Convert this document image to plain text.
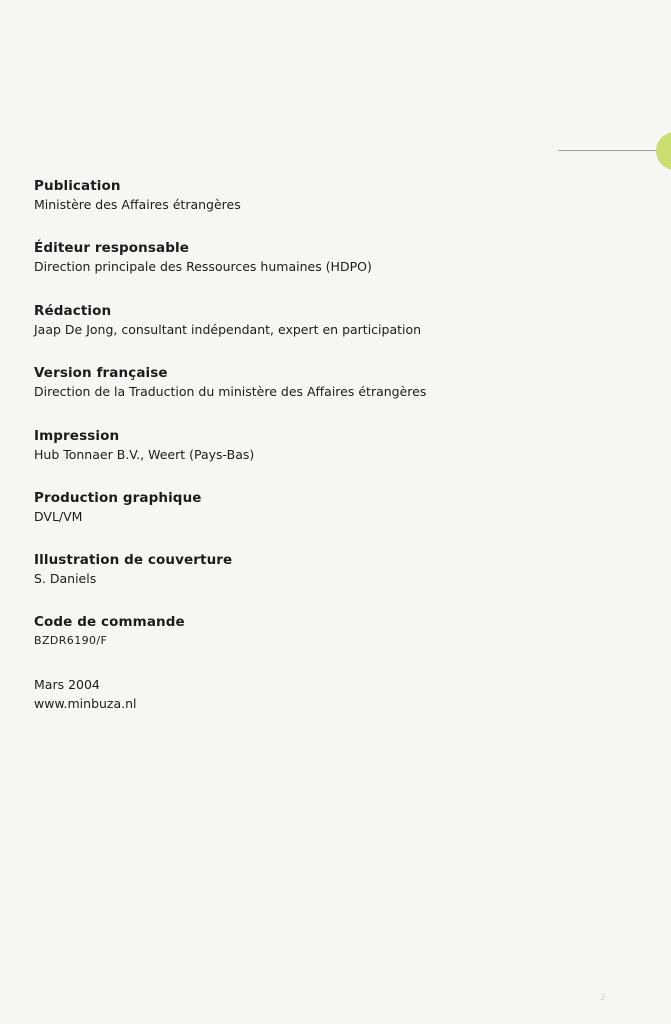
Publication
Ministère des Affaires étrangères
Éditeur responsable
Direction principale des Ressources humaines (HDPO)
Rédaction
Jaap De Jong, consultant indépendant, expert en participation
Version française
Direction de la Traduction du ministère des Affaires étrangères
Impression
Hub Tonnaer B.V., Weert (Pays-Bas)
Production graphique
DVL/VM
Illustration de couverture
S. Daniels
Code de commande
BZDR6190/F
Mars 2004
www.minbuza.nl
2
